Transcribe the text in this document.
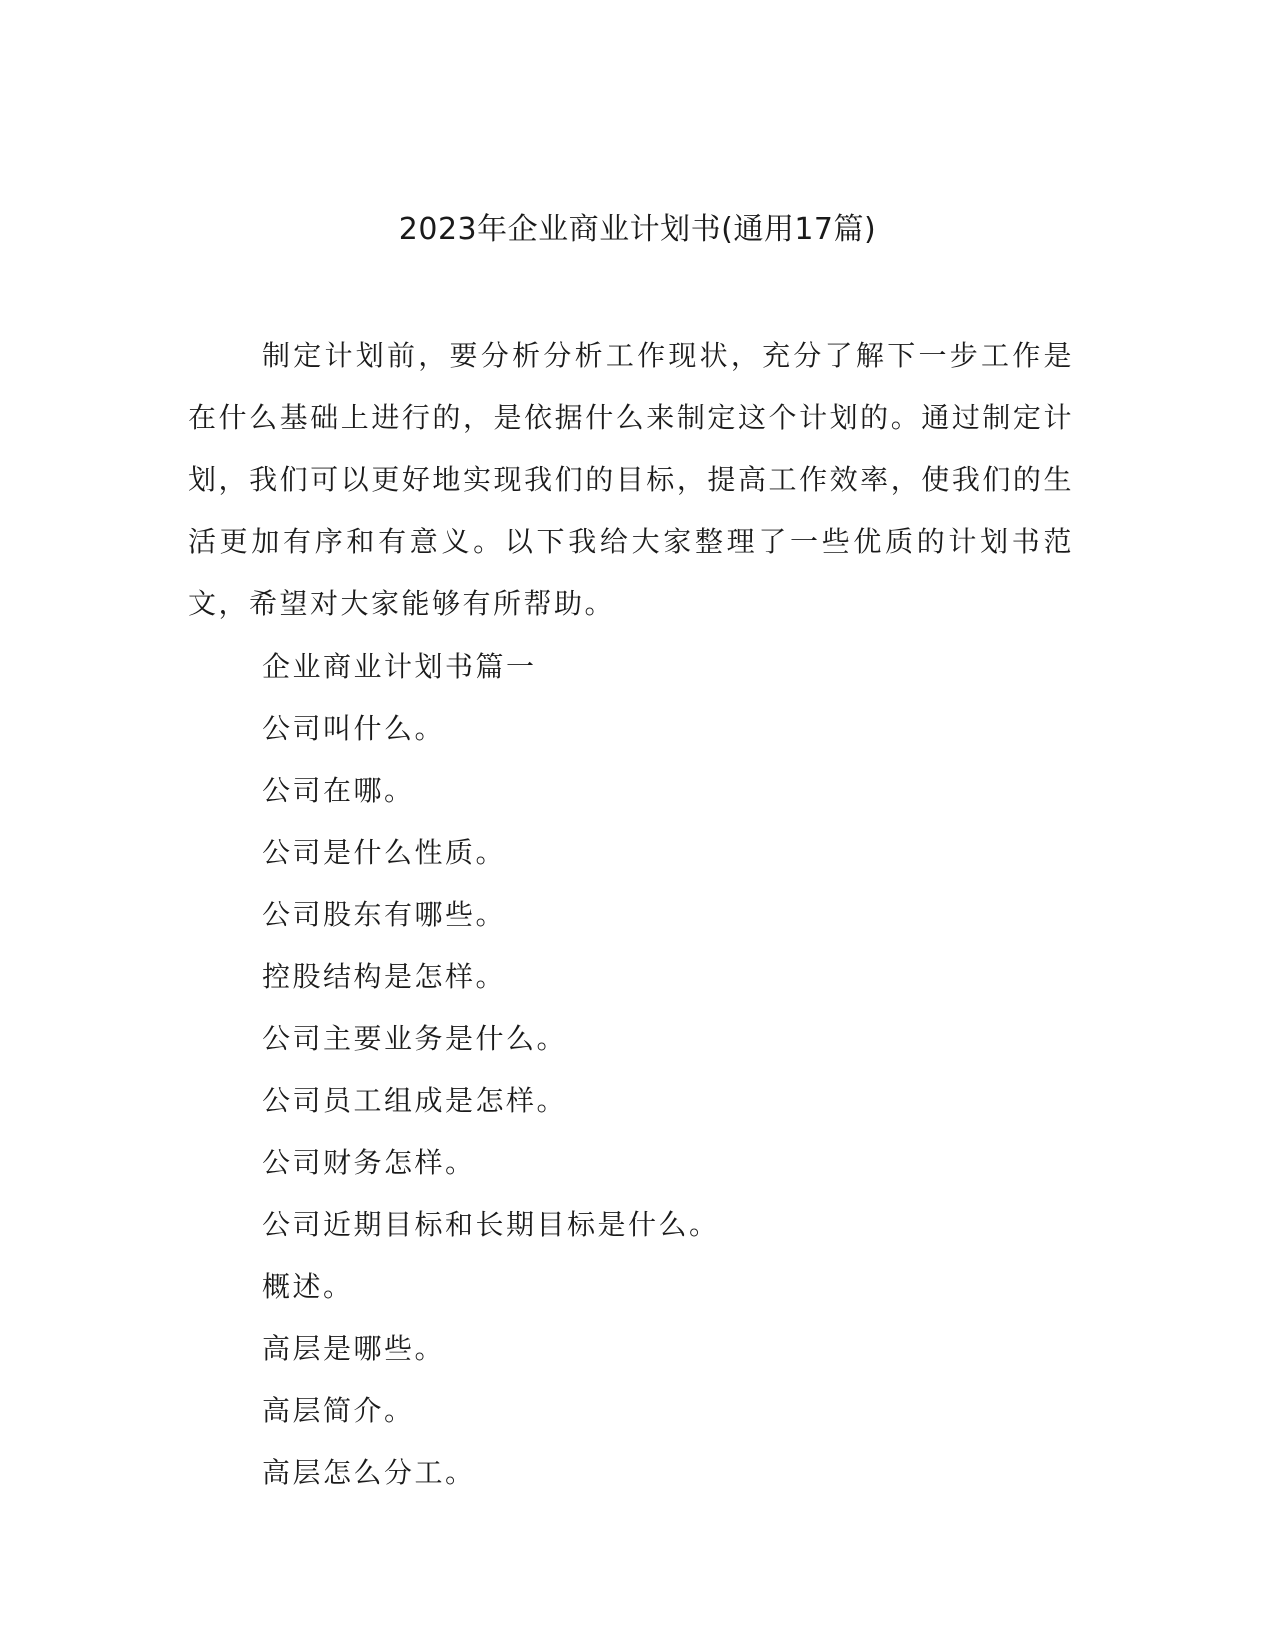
2023年企业商业计划书(通用17篇)

制定计划前，要分析分析工作现状，充分了解下一步工作是在什么基础上进行的，是依据什么来制定这个计划的。通过制定计划，我们可以更好地实现我们的目标，提高工作效率，使我们的生活更加有序和有意义。以下我给大家整理了一些优质的计划书范文，希望对大家能够有所帮助。

企业商业计划书篇一
公司叫什么。
公司在哪。
公司是什么性质。
公司股东有哪些。
控股结构是怎样。
公司主要业务是什么。
公司员工组成是怎样。
公司财务怎样。
公司近期目标和长期目标是什么。
概述。
高层是哪些。
高层简介。
高层怎么分工。
